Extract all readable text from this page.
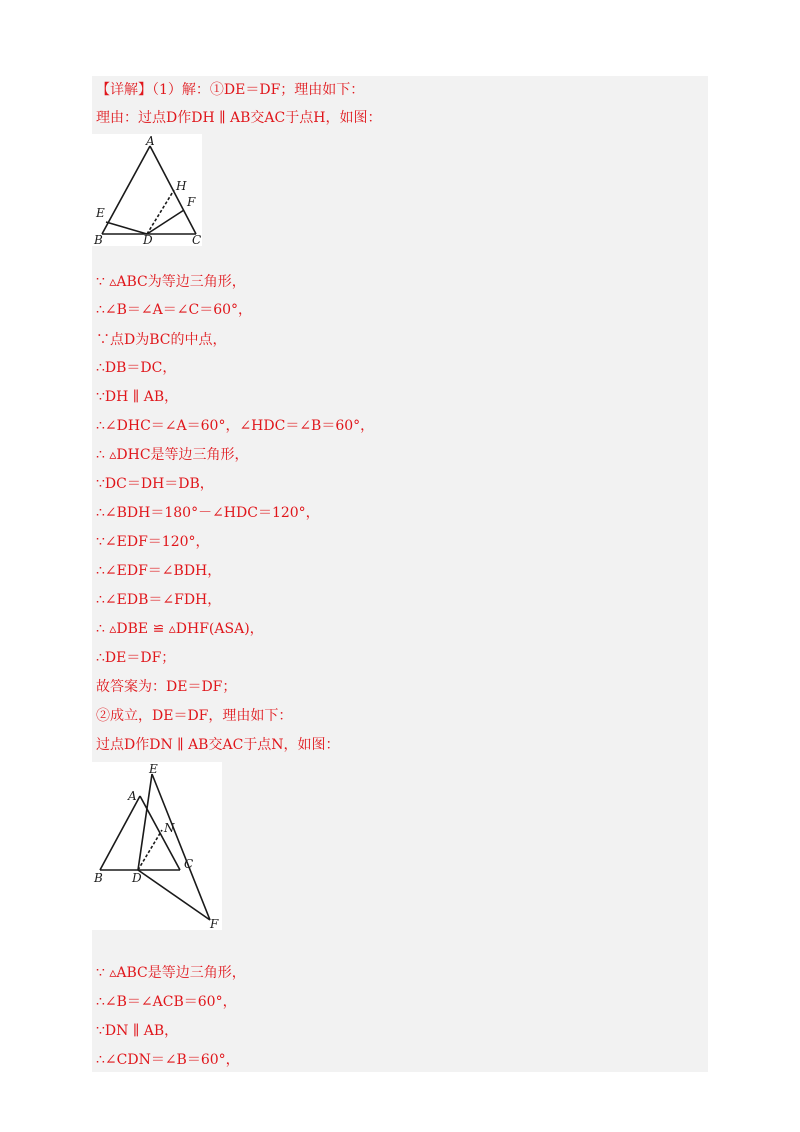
【详解】（1）解：①DE＝DF；理由如下：
理由：过点D作DH ∥ AB交AC于点H，如图：
A
B	C
D
E
F
H
∵ ▵ABC为等边三角形，
∴∠B＝∠A＝∠C＝60°，
∵点D为BC的中点，
∴DB＝DC，
∵DH ∥ AB，
∴∠DHC＝∠A＝60°，∠HDC＝∠B＝60°，
∴ ▵DHC是等边三角形，
∵DC＝DH＝DB，
∴∠BDH＝180°－∠HDC＝120°，
∵∠EDF＝120°，
∴∠EDF＝∠BDH，
∴∠EDB＝∠FDH，
∴ ▵DBE ≌ ▵DHF(ASA)，
∴DE＝DF；
故答案为：DE＝DF；
②成立，DE＝DF，理由如下：
过点D作DN ∥ AB交AC于点N，如图：
E
A
B D
C
N
F
∵ ▵ABC是等边三角形，
∴∠B＝∠ACB＝60°，
∵DN ∥ AB，
∴∠CDN＝∠B＝60°，
